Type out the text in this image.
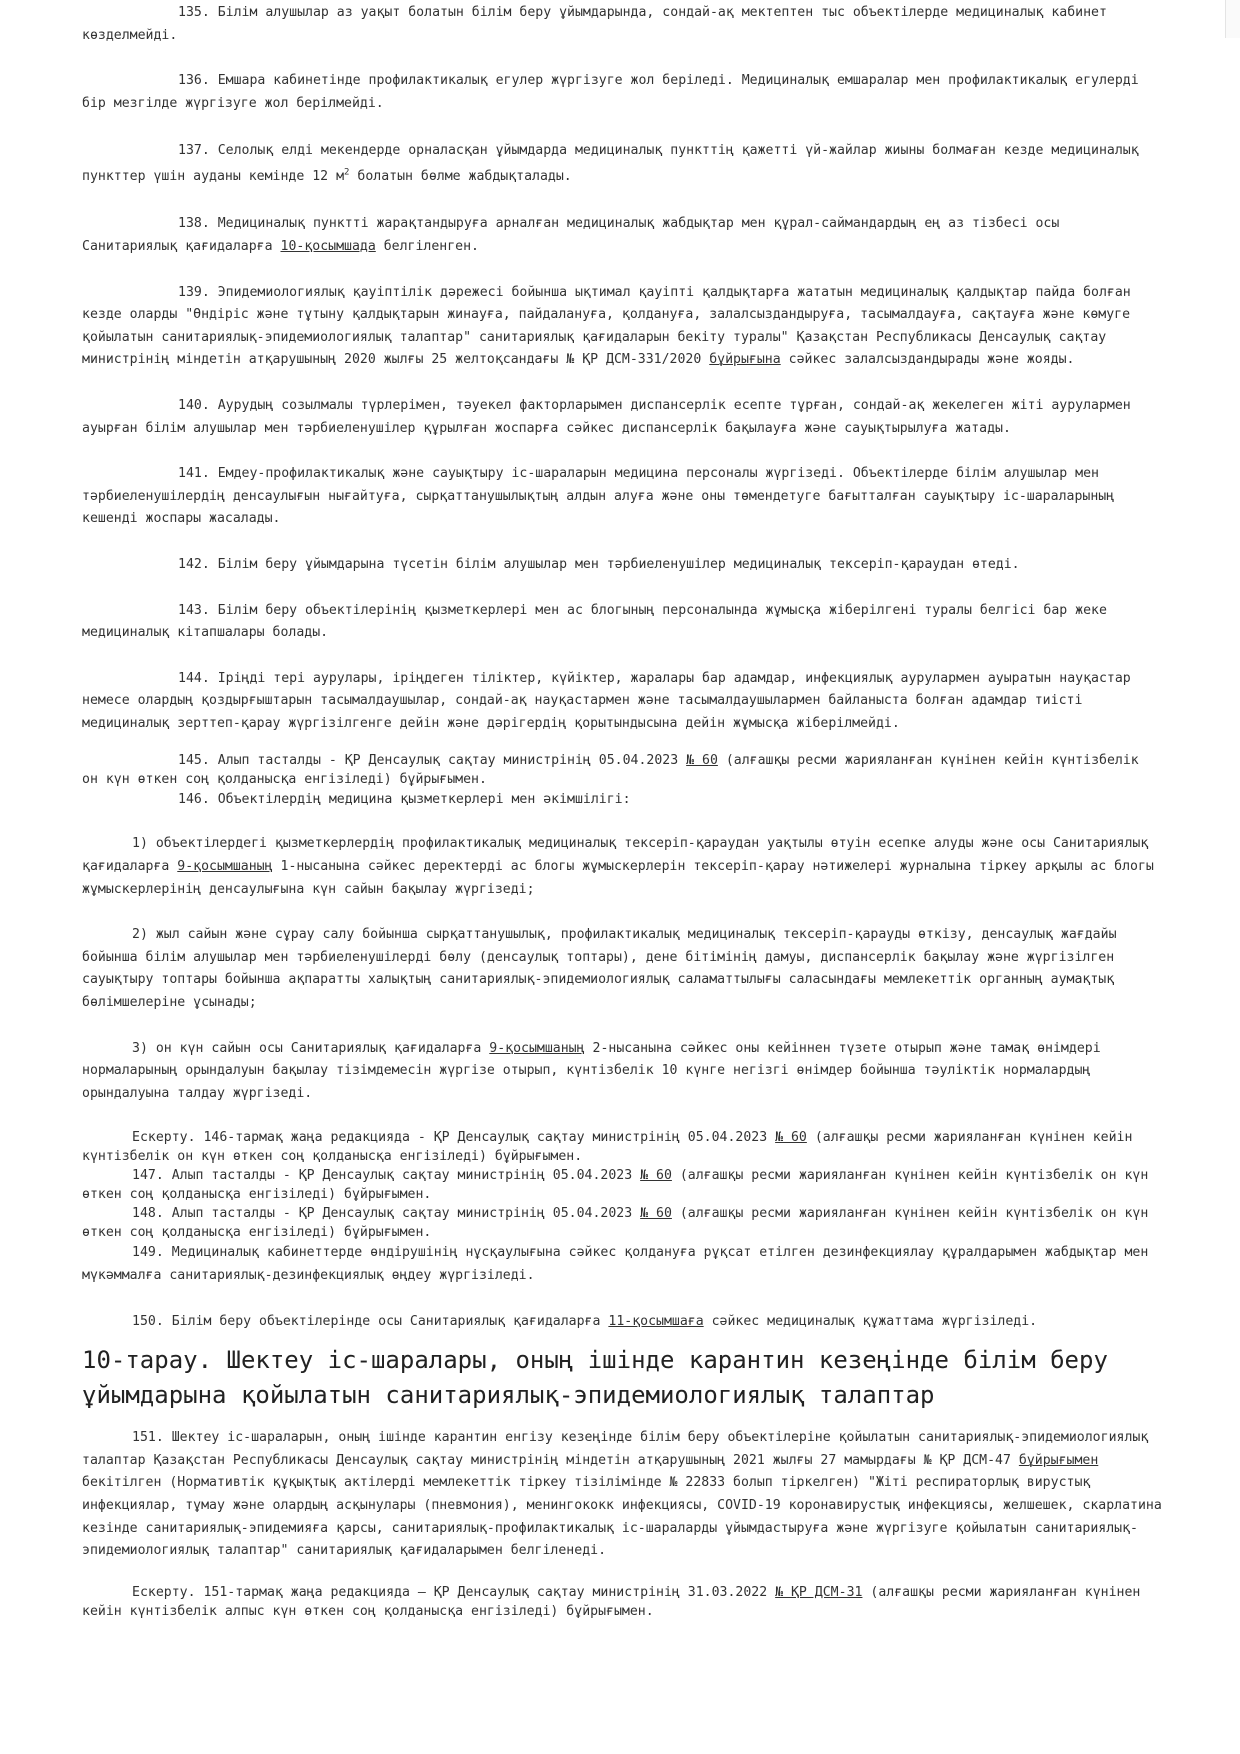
135. Білім алушылар аз уақыт болатын білім беру ұйымдарында, сондай-ақ мектептен тыс объектілерде медициналық кабинет көзделмейді.

136. Емшара кабинетінде профилактикалық егулер жүргізуге жол беріледі. Медициналық емшаралар мен профилактикалық егулерді бір мезгілде жүргізуге жол берілмейді.

137. Селолық елді мекендерде орналасқан ұйымдарда медициналық пункттің қажетті үй-жайлар жиыны болмаған кезде медициналық пункттер үшін ауданы кемінде 12 $м^2$ болатын бөлме жабдықталады.

138. Медициналық пунктті жарақтандыруға арналған медициналық жабдықтар мен құрал-саймандардың ең аз тізбесі осы Санитариялық қағидаларға 10-қосымшада белгіленген.

139. Эпидемиологиялық қауіптілік дәрежесі бойынша ықтимал қауіпті қалдықтарға жататын медициналық қалдықтар пайда болған кезде оларды "Өндіріс және тұтыну қалдықтарын жинауға, пайдалануға, қолдануға, залалсыздандыруға, тасымалдауға, сақтауға және көмуге қойылатын санитариялық-эпидемиологиялық талаптар" санитариялық қағидаларын бекіту туралы" Қазақстан Республикасы Денсаулық сақтау министрінің міндетін атқарушының 2020 жылғы 25 желтоқсандағы № ҚР ДСМ-331/2020 бұйрығына сәйкес залалсыздандырады және жояды.

140. Аурудың созылмалы түрлерімен, тәуекел факторларымен диспансерлік есепте тұрған, сондай-ақ жекелеген жіті аурулармен ауырған білім алушылар мен тәрбиеленушілер құрылған жоспарға сәйкес диспансерлік бақылауға және сауықтырылуға жатады.

141. Емдеу-профилактикалық және сауықтыру іс-шараларын медицина персоналы жүргізеді. Объектілерде білім алушылар мен тәрбиеленушілердің денсаулығын нығайтуға, сырқаттанушылықтың алдын алуға және оны төмендетуге бағытталған сауықтыру іс-шараларының кешенді жоспары жасалады.

142. Білім беру ұйымдарына түсетін білім алушылар мен тәрбиеленушілер медициналық тексеріп-қараудан өтеді.

143. Білім беру объектілерінің қызметкерлері мен ас блогының персоналында жұмысқа жіберілгені туралы белгісі бар жеке медициналық кітапшалары болады.

144. Іріңді тері аурулары, іріңдеген тіліктер, күйіктер, жаралары бар адамдар, инфекциялық аурулармен ауыратын науқастар немесе олардың қоздырғыштарын тасымалдаушылар, сондай-ақ науқастармен және тасымалдаушылармен байланыста болған адамдар тиісті медициналық зерттеп-қарау жүргізілгенге дейін және дәрігердің қорытындысына дейін жұмысқа жіберілмейді.

145. Алып тасталды - ҚР Денсаулық сақтау министрінің 05.04.2023 № 60 (алғашқы ресми жарияланған күнінен кейін күнтізбелік он күн өткен соң қолданысқа енгізіледі) бұйрығымен.

146. Объектілердің медицина қызметкерлері мен әкімшілігі:

1) объектілердегі қызметкерлердің профилактикалық медициналық тексеріп-қараудан уақтылы өтуін есепке алуды және осы Санитариялық қағидаларға 9-қосымшаның 1-нысанына сәйкес деректерді ас блогы жұмыскерлерін тексеріп-қарау нәтижелері журналына тіркеу арқылы ас блогы жұмыскерлерінің денсаулығына күн сайын бақылау жүргізеді;

2) жыл сайын және сұрау салу бойынша сырқаттанушылық, профилактикалық медициналық тексеріп-қарауды өткізу, денсаулық жағдайы бойынша білім алушылар мен тәрбиеленушілерді бөлу (денсаулық топтары), дене бітімінің дамуы, диспансерлік бақылау және жүргізілген сауықтыру топтары бойынша ақпаратты халықтың санитариялық-эпидемиологиялық саламаттылығы саласындағы мемлекеттік органның аумақтық бөлімшелеріне ұсынады;

3) он күн сайын осы Санитариялық қағидаларға 9-қосымшаның 2-нысанына сәйкес оны кейіннен түзете отырып және тамақ өнімдері нормаларының орындалуын бақылау тізімдемесін жүргізе отырып, күнтізбелік 10 күнге негізгі өнімдер бойынша тәуліктік нормалардың орындалуына талдау жүргізеді.

Ескерту. 146-тармақ жаңа редакцияда - ҚР Денсаулық сақтау министрінің 05.04.2023 № 60 (алғашқы ресми жарияланған күнінен кейін күнтізбелік он күн өткен соң қолданысқа енгізіледі) бұйрығымен.

147. Алып тасталды - ҚР Денсаулық сақтау министрінің 05.04.2023 № 60 (алғашқы ресми жарияланған күнінен кейін күнтізбелік он күн өткен соң қолданысқа енгізіледі) бұйрығымен.

148. Алып тасталды - ҚР Денсаулық сақтау министрінің 05.04.2023 № 60 (алғашқы ресми жарияланған күнінен кейін күнтізбелік он күн өткен соң қолданысқа енгізіледі) бұйрығымен.

149. Медициналық кабинеттерде өндірушінің нұсқаулығына сәйкес қолдануға рұқсат етілген дезинфекциялау құралдарымен жабдықтар мен мүкәммалға санитариялық-дезинфекциялық өңдеу жүргізіледі.

150. Білім беру объектілерінде осы Санитариялық қағидаларға 11-қосымшаға сәйкес медициналық құжаттама жүргізіледі.

10-тарау. Шектеу іс-шаралары, оның ішінде карантин кезеңінде білім беру ұйымдарына қойылатын санитариялық-эпидемиологиялық талаптар

151. Шектеу іс-шараларын, оның ішінде карантин енгізу кезеңінде білім беру объектілеріне қойылатын санитариялық-эпидемиологиялық талаптар Қазақстан Республикасы Денсаулық сақтау министрінің міндетін атқарушының 2021 жылғы 27 мамырдағы № ҚР ДСМ-47 бұйрығымен бекітілген (Нормативтік құқықтық актілерді мемлекеттік тіркеу тізілімінде № 22833 болып тіркелген) "Жіті респираторлық вирустық инфекциялар, тұмау және олардың асқынулары (пневмония), менингококк инфекциясы, COVID-19 коронавирустық инфекциясы, желшешек, скарлатина кезінде санитариялық-эпидемияға қарсы, санитариялық-профилактикалық іс-шараларды ұйымдастыруға және жүргізуге қойылатын санитариялық-эпидемиологиялық талаптар" санитариялық қағидаларымен белгіленеді.

Ескерту. 151-тармақ жаңа редакцияда – ҚР Денсаулық сақтау министрінің 31.03.2022 № ҚР ДСМ-31 (алғашқы ресми жарияланған күнінен кейін күнтізбелік алпыс күн өткен соң қолданысқа енгізіледі) бұйрығымен.
